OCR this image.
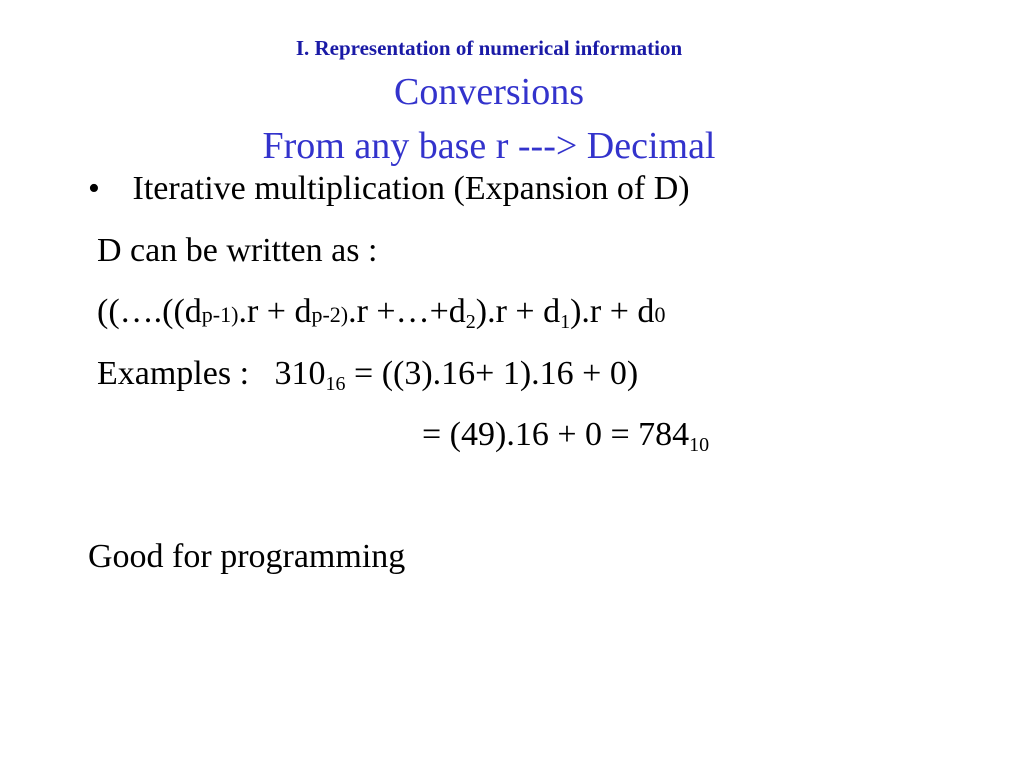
I. Representation of numerical information
Conversions
From any base r ---> Decimal
• Iterative multiplication (Expansion of D)
D can be written as :
((….((dp-1).r + dp-2).r +…+d2).r + d1).r + d0
Examples : 31016 = ((3).16+ 1).16 + 0)
= (49).16 + 0 = 78410
Good for programming
